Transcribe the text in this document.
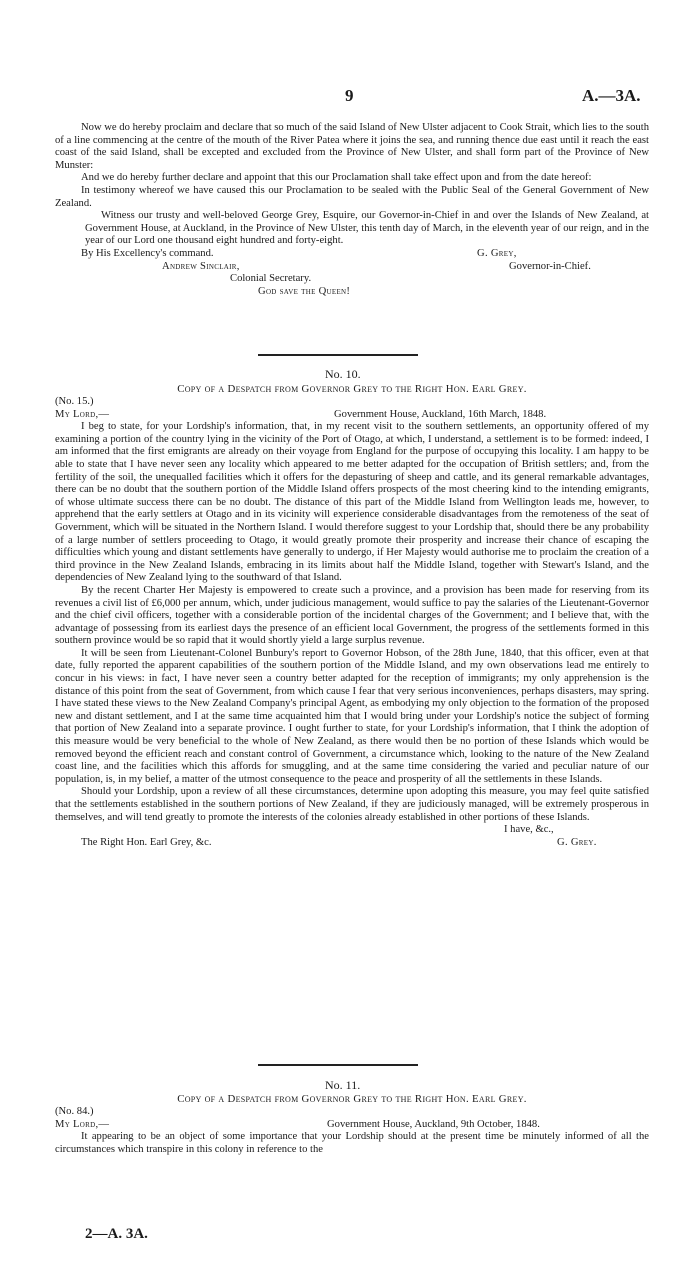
9	A.—3A.

Now we do hereby proclaim and declare that so much of the said Island of New Ulster adjacent to Cook Strait, which lies to the south of a line commencing at the centre of the mouth of the River Patea where it joins the sea, and running thence due east until it reach the east coast of the said Island, shall be excepted and excluded from the Province of New Ulster, and shall form part of the Province of New Munster:

And we do hereby further declare and appoint that this our Proclamation shall take effect upon and from the date hereof:

In testimony whereof we have caused this our Proclamation to be sealed with the Public Seal of the General Government of New Zealand.

Witness our trusty and well-beloved George Grey, Esquire, our Governor-in-Chief in and over the Islands of New Zealand, at Government House, at Auckland, in the Province of New Ulster, this tenth day of March, in the eleventh year of our reign, and in the year of our Lord one thousand eight hundred and forty-eight.

By His Excellency's command.	G. Grey,
Andrew Sinclair,	Governor-in-Chief.
Colonial Secretary.
God save the Queen!
No. 10.
Copy of a Despatch from Governor Grey to the Right Hon. Earl Grey.
(No. 15.)
My Lord,—	Government House, Auckland, 16th March, 1848.

I beg to state, for your Lordship's information, that, in my recent visit to the southern settlements, an opportunity offered of my examining a portion of the country lying in the vicinity of the Port of Otago, at which, I understand, a settlement is to be formed: indeed, I am informed that the first emigrants are already on their voyage from England for the purpose of occupying this locality. I am happy to be able to state that I have never seen any locality which appeared to me better adapted for the occupation of British settlers; and, from the fertility of the soil, the unequalled facilities which it offers for the depasturing of sheep and cattle, and its general remarkable advantages, there can be no doubt that the southern portion of the Middle Island offers prospects of the most cheering kind to the intending emigrants, of whose ultimate success there can be no doubt. The distance of this part of the Middle Island from Wellington leads me, however, to apprehend that the early settlers at Otago and in its vicinity will experience considerable disadvantages from the remoteness of the seat of Government, which will be situated in the Northern Island. I would therefore suggest to your Lordship that, should there be any probability of a large number of settlers proceeding to Otago, it would greatly promote their prosperity and increase their chance of escaping the difficulties which young and distant settlements have generally to undergo, if Her Majesty would authorise me to proclaim the creation of a third province in the New Zealand Islands, embracing in its limits about half the Middle Island, together with Stewart's Island, and the dependencies of New Zealand lying to the southward of that Island.

By the recent Charter Her Majesty is empowered to create such a province, and a provision has been made for reserving from its revenues a civil list of £6,000 per annum, which, under judicious management, would suffice to pay the salaries of the Lieutenant-Governor and the chief civil officers, together with a considerable portion of the incidental charges of the Government; and I believe that, with the advantage of possessing from its earliest days the presence of an efficient local Government, the progress of the settlements formed in this southern province would be so rapid that it would shortly yield a large surplus revenue.

It will be seen from Lieutenant-Colonel Bunbury's report to Governor Hobson, of the 28th June, 1840, that this officer, even at that date, fully reported the apparent capabilities of the southern portion of the Middle Island, and my own observations lead me entirely to concur in his views: in fact, I have never seen a country better adapted for the reception of immigrants; my only apprehension is the distance of this point from the seat of Government, from which cause I fear that very serious inconveniences, perhaps disasters, may spring. I have stated these views to the New Zealand Company's principal Agent, as embodying my only objection to the formation of the proposed new and distant settlement, and I at the same time acquainted him that I would bring under your Lordship's notice the subject of forming that portion of New Zealand into a separate province. I ought further to state, for your Lordship's information, that I think the adoption of this measure would be very beneficial to the whole of New Zealand, as there would then be no portion of these Islands which would be removed beyond the efficient reach and constant control of Government, a circumstance which, looking to the nature of the New Zealand coast line, and the facilities which this affords for smuggling, and at the same time considering the varied and peculiar nature of our population, is, in my belief, a matter of the utmost consequence to the peace and prosperity of all the settlements in these Islands.

Should your Lordship, upon a review of all these circumstances, determine upon adopting this measure, you may feel quite satisfied that the settlements established in the southern portions of New Zealand, if they are judiciously managed, will be extremely prosperous in themselves, and will tend greatly to promote the interests of the colonies already established in other portions of these Islands.

I have, &c.,
The Right Hon. Earl Grey, &c.	G. Grey.
No. 11.
Copy of a Despatch from Governor Grey to the Right Hon. Earl Grey.
(No. 84.)
My Lord,—	Government House, Auckland, 9th October, 1848.

It appearing to be an object of some importance that your Lordship should at the present time be minutely informed of all the circumstances which transpire in this colony in reference to the

2—A. 3A.
